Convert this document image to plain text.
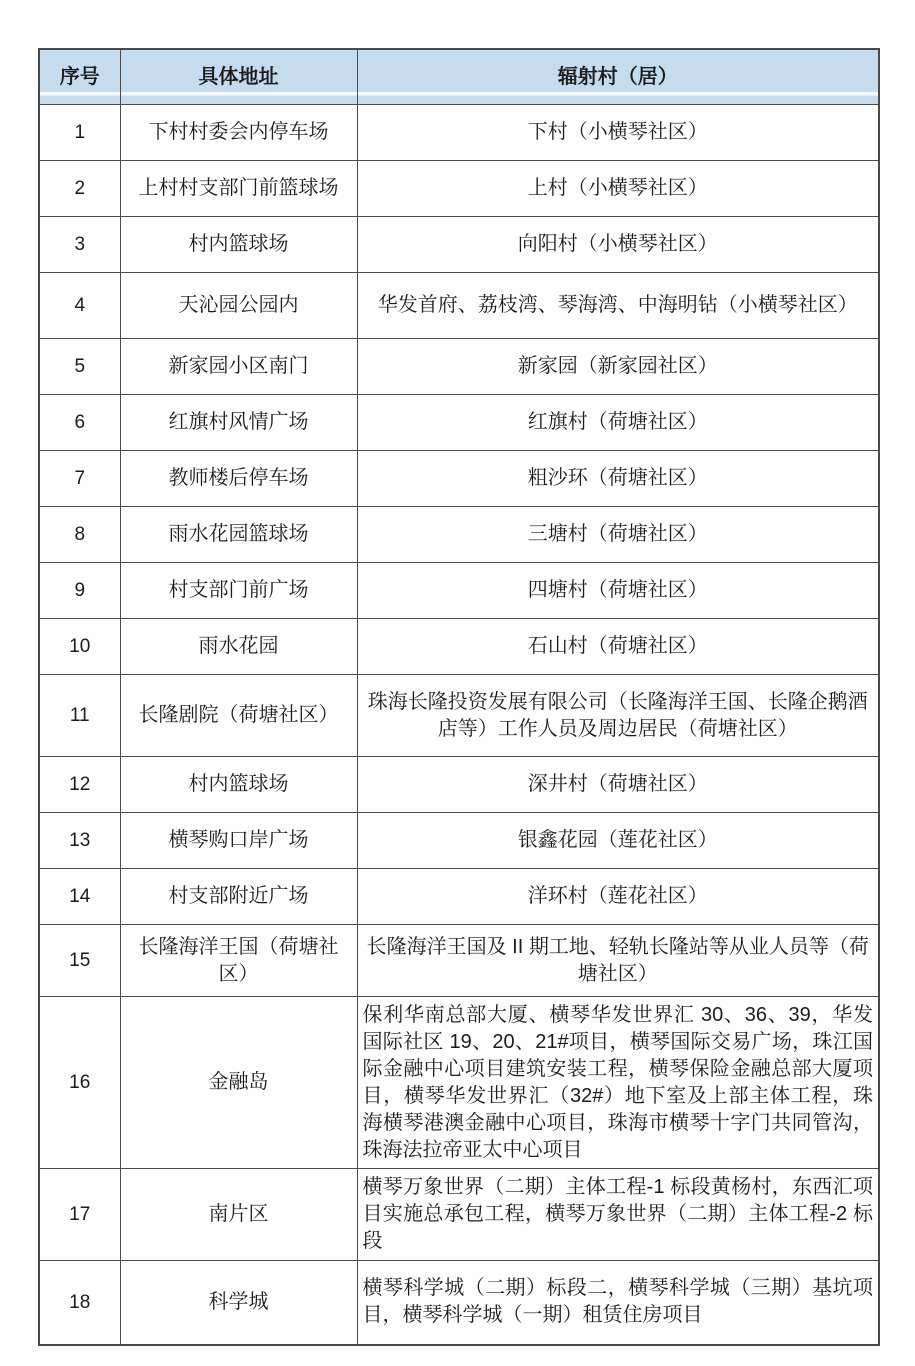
序号	具体地址	辐射村（居）
1	下村村委会内停车场	下村（小横琴社区）
2	上村村支部门前篮球场	上村（小横琴社区）
3	村内篮球场	向阳村（小横琴社区）
4	天沁园公园内	华发首府、荔枝湾、琴海湾、中海明钻（小横琴社区）
5	新家园小区南门	新家园（新家园社区）
6	红旗村风情广场	红旗村（荷塘社区）
7	教师楼后停车场	粗沙环（荷塘社区）
8	雨水花园篮球场	三塘村（荷塘社区）
9	村支部门前广场	四塘村（荷塘社区）
10	雨水花园	石山村（荷塘社区）
11	长隆剧院（荷塘社区）	珠海长隆投资发展有限公司（长隆海洋王国、长隆企鹅酒店等）工作人员及周边居民（荷塘社区）
12	村内篮球场	深井村（荷塘社区）
13	横琴购口岸广场	银鑫花园（莲花社区）
14	村支部附近广场	洋环村（莲花社区）
15	长隆海洋王国（荷塘社区）	长隆海洋王国及 II 期工地、轻轨长隆站等从业人员等（荷塘社区）
16	金融岛	保利华南总部大厦、横琴华发世界汇 30、36、39，华发国际社区 19、20、21#项目，横琴国际交易广场，珠江国际金融中心项目建筑安装工程，横琴保险金融总部大厦项目，横琴华发世界汇（32#）地下室及上部主体工程，珠海横琴港澳金融中心项目，珠海市横琴十字门共同管沟，珠海法拉帝亚太中心项目
17	南片区	横琴万象世界（二期）主体工程-1 标段黄杨村，东西汇项目实施总承包工程，横琴万象世界（二期）主体工程-2 标段
18	科学城	横琴科学城（二期）标段二，横琴科学城（三期）基坑项目，横琴科学城（一期）租赁住房项目
